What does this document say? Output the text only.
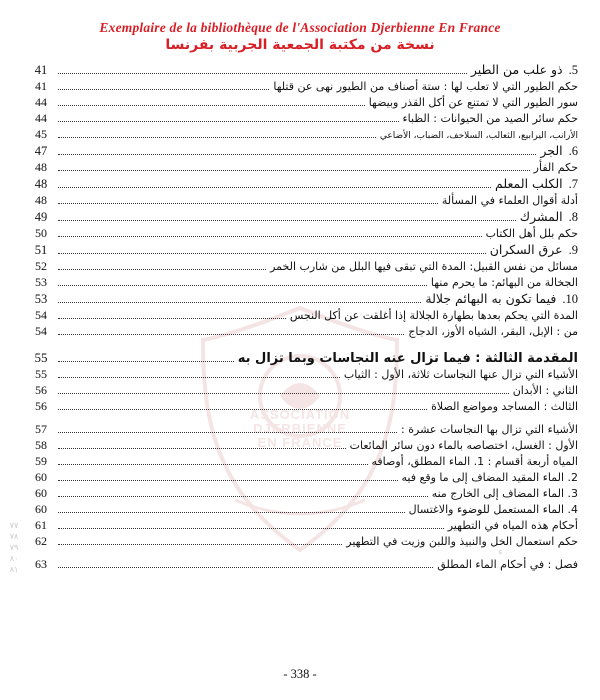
ASSOCIATION
DJERBIENNE
EN FRANCE
Exemplaire de la bibliothèque de l'Association Djerbienne En France
نسخة من مكتبة الجمعية الجربية بفرنسا
٧٧
٧٨
٧٩
٨٠
٨١
ء
5.ذو علب من الطير
41
حكم الطيور التي لا تعلب لها : ستة أصناف من الطيور نهى عن قتلها
41
سور الطيور التي لا تمتنع عن أكل القذر وبيضها
44
حكم سائر الصيد من الحيوانات : الظباء
44
الأرانب، اليرابيع، الثعالب، السلاحف، الضباب، الأضاعي
45
6.الجر
47
حكم الفأر
48
7.الكلب المعلم
48
أدلة أقوال العلماء في المسألة
48
8.المشرك
49
حكم بلل أهل الكتاب
50
9.عرق السكران
51
مسائل من نفس القبيل: المدة التي تبقى فيها البلل من شارب الخمر
52
الجخالة من البهائم: ما يحرم منها
53
10.فيما تكون به البهائم جلالة
53
المدة التي يحكم بعدها بطهارة الجلالة إذا أغلقت عن أكل النجس
54
من : الإبل، البقر، الشياه الأوز، الدجاج
54
المقدمة الثالثة : فيما تزال عنه النجاسات وبما تزال به
55
الأشياء التي تزال عنها النجاسات ثلاثة، الأول : الثياب
55
الثاني : الأبدان
56
الثالث : المساجد ومواضع الصلاة
56
الأشياء التي تزال بها النجاسات عشرة :
57
الأول : الغسل، اختصاصه بالماء دون سائر المائعات
58
المياه أربعة أقسام : 1. الماء المطلق، أوصافه
59
2. الماء المقيد المضاف إلى ما وقع فيه
60
3. الماء المضاف إلى الخارج منه
60
4. الماء المستعمل للوضوء والاغتسال
60
أحكام هذه المياه في التطهير
61
حكم استعمال الخل والنبيذ واللبن وزيت في التطهير
62
فصل : في أحكام الماء المطلق
63
- 338 -
